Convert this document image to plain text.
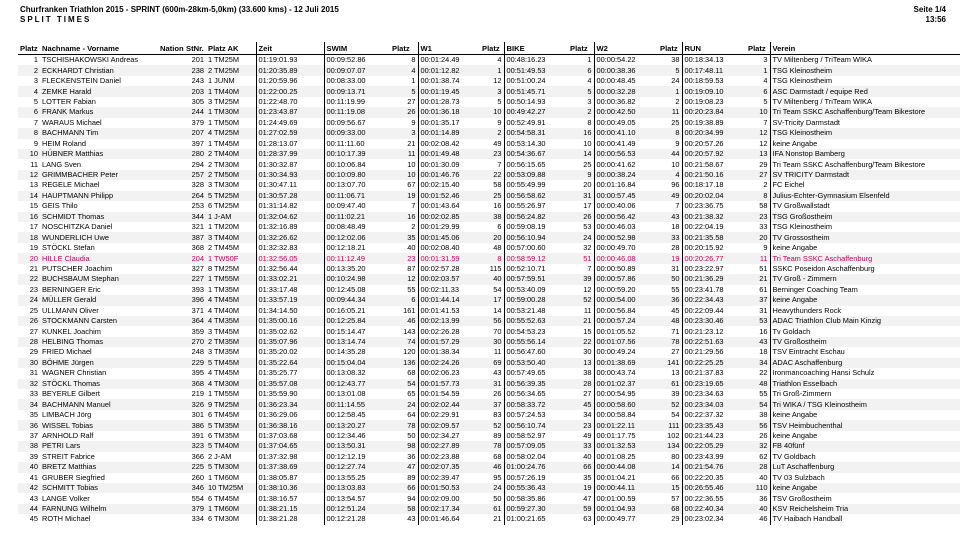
Churfranken Triathlon 2015 - SPRINT (600m-28km-5,0km) (33.600 kms) - 12 Juli 2015
SPLIT TIMES
Seite 1/4
13:56
Platz	Nachname - Vorname	Nation	StNr.	Platz AK	Zeit	SWIM	Platz	W1	Platz	BIKE	Platz	W2	Platz	RUN	Platz	Verein
1	TSCHISHAKOWSKI Andreas		201	1 TM25M	01:19:01.93	00:09:52.86	8	00:01:24.49	4	00:48:16.23	1	00:00:54.22	38	00:18:34.13	3	TV Miltenberg / TriTeam WIKA
2	ECKHARDT Christian		238	2 TM25M	01:20:35.89	00:09:07.07	4	00:01:12.82	1	00:51:49.53	6	00:00:38.36	5	00:17:48.11	1	TSG Kleinostheim
3	FLECKENSTEIN Daniel		243	1 JUNM	01:20:59.96	00:08:33.00	1	00:01:38.74	12	00:51:00.24	4	00:00:48.45	24	00:18:59.53	4	TSG Kleinostheim
4	ZEMKE Harald		203	1 TM40M	01:22:00.25	00:09:13.71	5	00:01:19.45	3	00:51:45.71	5	00:00:32.28	1	00:19:09.10	6	ASC Darmstadt / equipe Red
5	LOTTER Fabian		305	3 TM25M	01:22:48.70	00:11:19.99	27	00:01:28.73	5	00:50:14.93	3	00:00:36.82	2	00:19:08.23	5	TV Miltenberg / TriTeam WIKA
6	FRANK Markus		244	1 TM30M	01:23:43.87	00:11:19.08	26	00:01:36.18	10	00:49:42.27	2	00:00:42.50	11	00:20:23.84	10	Tri Team SSKC Aschaffenburg/Team Bikestore
7	WARAUS Michael		379	1 TM50M	01:24:49.69	00:09:56.67	9	00:01:35.17	9	00:52:49.91	8	00:00:49.05	25	00:19:38.89	7	SV-Tricity Darmstadt
8	BACHMANN Tim		207	4 TM25M	01:27:02.59	00:09:33.00	3	00:01:14.89	2	00:54:58.31	16	00:00:41.10	8	00:20:34.99	12	TSG Kleinostheim
9	HEIM Roland		397	1 TM45M	01:28:13.07	00:11:11.60	21	00:02:08.42	49	00:53:14.30	10	00:00:41.49	9	00:20:57.26	12	keine Angabe
10	HÜBNER Matthias		280	2 TM40M	01:28:37.99	00:10:17.39	11	00:01:49.48	23	00:54:36.67	14	00:00:56.53	44	00:20:57.92	13	IFA Nonstop Bamberg
11	LANG Sven		294	2 TM30M	01:30:32.87	00:10:06.84	10	00:01:30.09	7	00:56:15.65	25	00:00:41.62	10	00:21:58.67	29	Tri Team SSKC Aschaffenburg/Team Bikestore
12	GRIMMBACHER Peter		257	2 TM50M	01:30:34.93	00:10:09.80	10	00:01:46.76	22	00:53:09.88	9	00:00:38.24	4	00:21:50.16	27	SV TRICITY Darmstadt
13	REGELE Michael		328	3 TM30M	01:30:47.11	00:13:07.70	67	00:02:15.40	58	00:55:49.99	20	00:01:16.84	96	00:18:17.18	2	FC Eichel
14	HAUPTMANN Philipp		264	5 TM25M	01:30:57.28	00:11:06.71	19	00:01:52.46	25	00:56:58.62	31	00:00:57.45	49	00:20:02.04	8	Julius-Echter-Gymnasium Elsenfeld
15	GEIS Thilo		253	6 TM25M	01:31:14.82	00:09:47.40	7	00:01:43.64	16	00:55:26.97	17	00:00:40.06	7	00:23:36.75	58	TV Großwallstadt
16	SCHMIDT Thomas		344	1 J-AM	01:32:04.62	00:11:02.21	16	00:02:02.85	38	00:56:24.82	26	00:00:56.42	43	00:21:38.32	23	TSG Großostheim
17	NOSCHITZKA Daniel		321	1 TM20M	01:32:16.89	00:08:48.49	2	00:01:29.99	6	00:59:08.19	53	00:00:46.03	18	00:22:04.19	33	TSG Kleinostheim
18	WUNDERLICH Uwe		387	3 TM40M	01:32:26.62	00:12:02.06	35	00:01:45.06	20	00:56:10.94	24	00:00:52.98	33	00:21:35.58	20	TV Grossostheim
19	STÖCKL Stefan		368	2 TM45M	01:32:32.83	00:12:18.21	40	00:02:08.40	48	00:57:00.60	32	00:00:49.70	28	00:20:15.92	9	keine Angabe
20	HILLE Claudia		204	1 TW50F	01:32:56.05	00:11:12.49	23	00:01:31.59	8	00:58:59.12	51	00:00:46.08	19	00:20:26.77	11	Tri Team SSKC Aschaffenburg
21	PUTSCHER Joachim		327	8 TM25M	01:32:56.44	00:13:35.20	87	00:02:57.28	115	00:52:10.71	7	00:00:50.89	31	00:23:22.97	51	SSKC Poseidon Aschaffenburg
22	BUCHSBAUM Stephan		227	1 TM55M	01:33:02.21	00:10:24.98	12	00:02:03.57	40	00:57:59.51	39	00:00:57.86	50	00:21:36.29	21	TV Groß - Zimmern
23	BERNINGER Eric		393	1 TM35M	01:33:17.48	00:12:45.08	55	00:02:11.33	54	00:53:40.09	12	00:00:59.20	55	00:23:41.78	61	Berninger Coaching Team
24	MÜLLER Gerald		396	4 TM45M	01:33:57.19	00:09:44.34	6	00:01:44.14	17	00:59:00.28	52	00:00:54.00	36	00:22:34.43	37	keine Angabe
25	ULLMANN Oliver		371	4 TM40M	01:34:14.50	00:16:05.21	161	00:01:41.53	14	00:53:21.48	11	00:00:56.84	45	00:22:09.44	31	Heavythunders Rock
26	STOCKMANN Carsten		364	4 TM35M	01:35:00.16	00:12:25.84	46	00:02:13.99	56	00:55:52.63	21	00:00:57.24	48	00:23:30.46	53	ADAC Triathlon Club Main Kinzig
27	KUNKEL Joachim		359	3 TM45M	01:35:02.62	00:15:14.47	143	00:02:26.28	70	00:54:53.23	15	00:01:05.52	71	00:21:23.12	16	Tv Goldach
28	HELBING Thomas		270	2 TM35M	01:35:07.96	00:13:14.74	74	00:01:57.29	30	00:55:56.14	22	00:01:07.56	78	00:22:51.63	43	TV Großostheim
29	FRIED Michael		248	3 TM35M	01:35:20.02	00:14:35.28	120	00:01:38.34	11	00:56:47.60	30	00:00:49.24	27	00:21:29.56	18	TSV Eintracht Eschau
30	BÖHME Jürgen		229	5 TM45M	01:35:22.64	00:15:04.04	136	00:02:24.26	69	00:53:50.40	13	00:01:38.69	141	00:22:25.25	34	ADAC Aschaffenburg
31	WAGNER Christian		395	4 TM45M	01:35:25.77	00:13:08.32	68	00:02:06.23	43	00:57:49.65	38	00:00:43.74	13	00:21:37.83	22	Ironmancoaching Hansi Schulz
32	STÖCKL Thomas		368	4 TM30M	01:35:57.08	00:12:43.77	54	00:01:57.73	31	00:56:39.35	28	00:01:02.37	61	00:23:19.65	48	Triathlon Esselbach
33	BEYERLE Gilbert		219	1 TM55M	01:35:59.90	00:13:01.08	65	00:01:54.59	26	00:56:34.65	27	00:00:54.95	39	00:23:34.63	55	Tri Groß-Zimmern
34	BACHMANN Manuel		326	9 TM25M	01:36:23.34	00:11:14.55	24	00:02:02.44	37	00:58:33.72	45	00:00:58.60	52	00:23:34.03	54	Tri WIKA / TSG Kleinostheim
35	LIMBACH Jörg		301	6 TM45M	01:36:29.06	00:12:58.45	64	00:02:29.91	83	00:57:24.53	34	00:00:58.84	54	00:22:37.32	38	keine Angabe
36	WISSEL Tobias		386	5 TM35M	01:36:38.16	00:13:20.27	78	00:02:09.57	52	00:56:10.74	23	00:01:22.11	111	00:23:35.43	56	TSV Heimbuchenthal
37	ARNHOLD Ralf		391	6 TM35M	01:37:03.68	00:12:34.46	50	00:02:34.27	89	00:58:52.97	49	00:01:17.75	102	00:21:44.23	26	keine Angabe
38	PETRI Lars		323	5 TM40M	01:37:04.65	00:13:50.31	98	00:02:27.89	78	00:57:09.05	33	00:01:32.53	134	00:22:05.29	32	FB 40fünf
39	STREIT Fabrice		366	2 J-AM	01:37:32.98	00:12:12.19	36	00:02:23.88	68	00:58:02.04	40	00:01:08.25	80	00:23:43.99	62	TV Goldbach
40	BRETZ Matthias		225	5 TM30M	01:37:38.69	00:12:27.74	47	00:02:07.35	46	01:00:24.76	66	00:00:44.08	14	00:21:54.76	28	LuT Aschaffenburg
41	GRUBER Siegfried		260	1 TM60M	01:38:05.87	00:13:55.25	89	00:02:39.47	95	00:57:26.19	35	00:01:04.21	66	00:22:20.35	40	TV 03 Sulzbach
42	SCHMITT Tobias		346	10 TM25M	01:38:10.36	00:13:03.83	66	00:01:50.53	24	00:55:36.43	19	00:00:44.11	15	00:26:55.46	110	keine Angabe
43	LANGE Volker		554	6 TM45M	01:38:16.57	00:13:54.57	94	00:02:09.00	50	00:58:35.86	47	00:01:00.59	57	00:22:36.55	36	TSV Großostheim
44	FARNUNG Wilhelm		379	1 TM60M	01:38:21.15	00:12:51.24	58	00:02:17.34	61	00:59:27.30	59	00:01:04.93	68	00:22:40.34	40	KSV Reichelsheim Tria
45	ROTH Michael		334	6 TM30M	01:38:21.28	00:12:21.28	43	00:01:46.64	21	01:00:21.65	63	00:00:49.77	29	00:23:02.34	46	TV Haibach Handball
